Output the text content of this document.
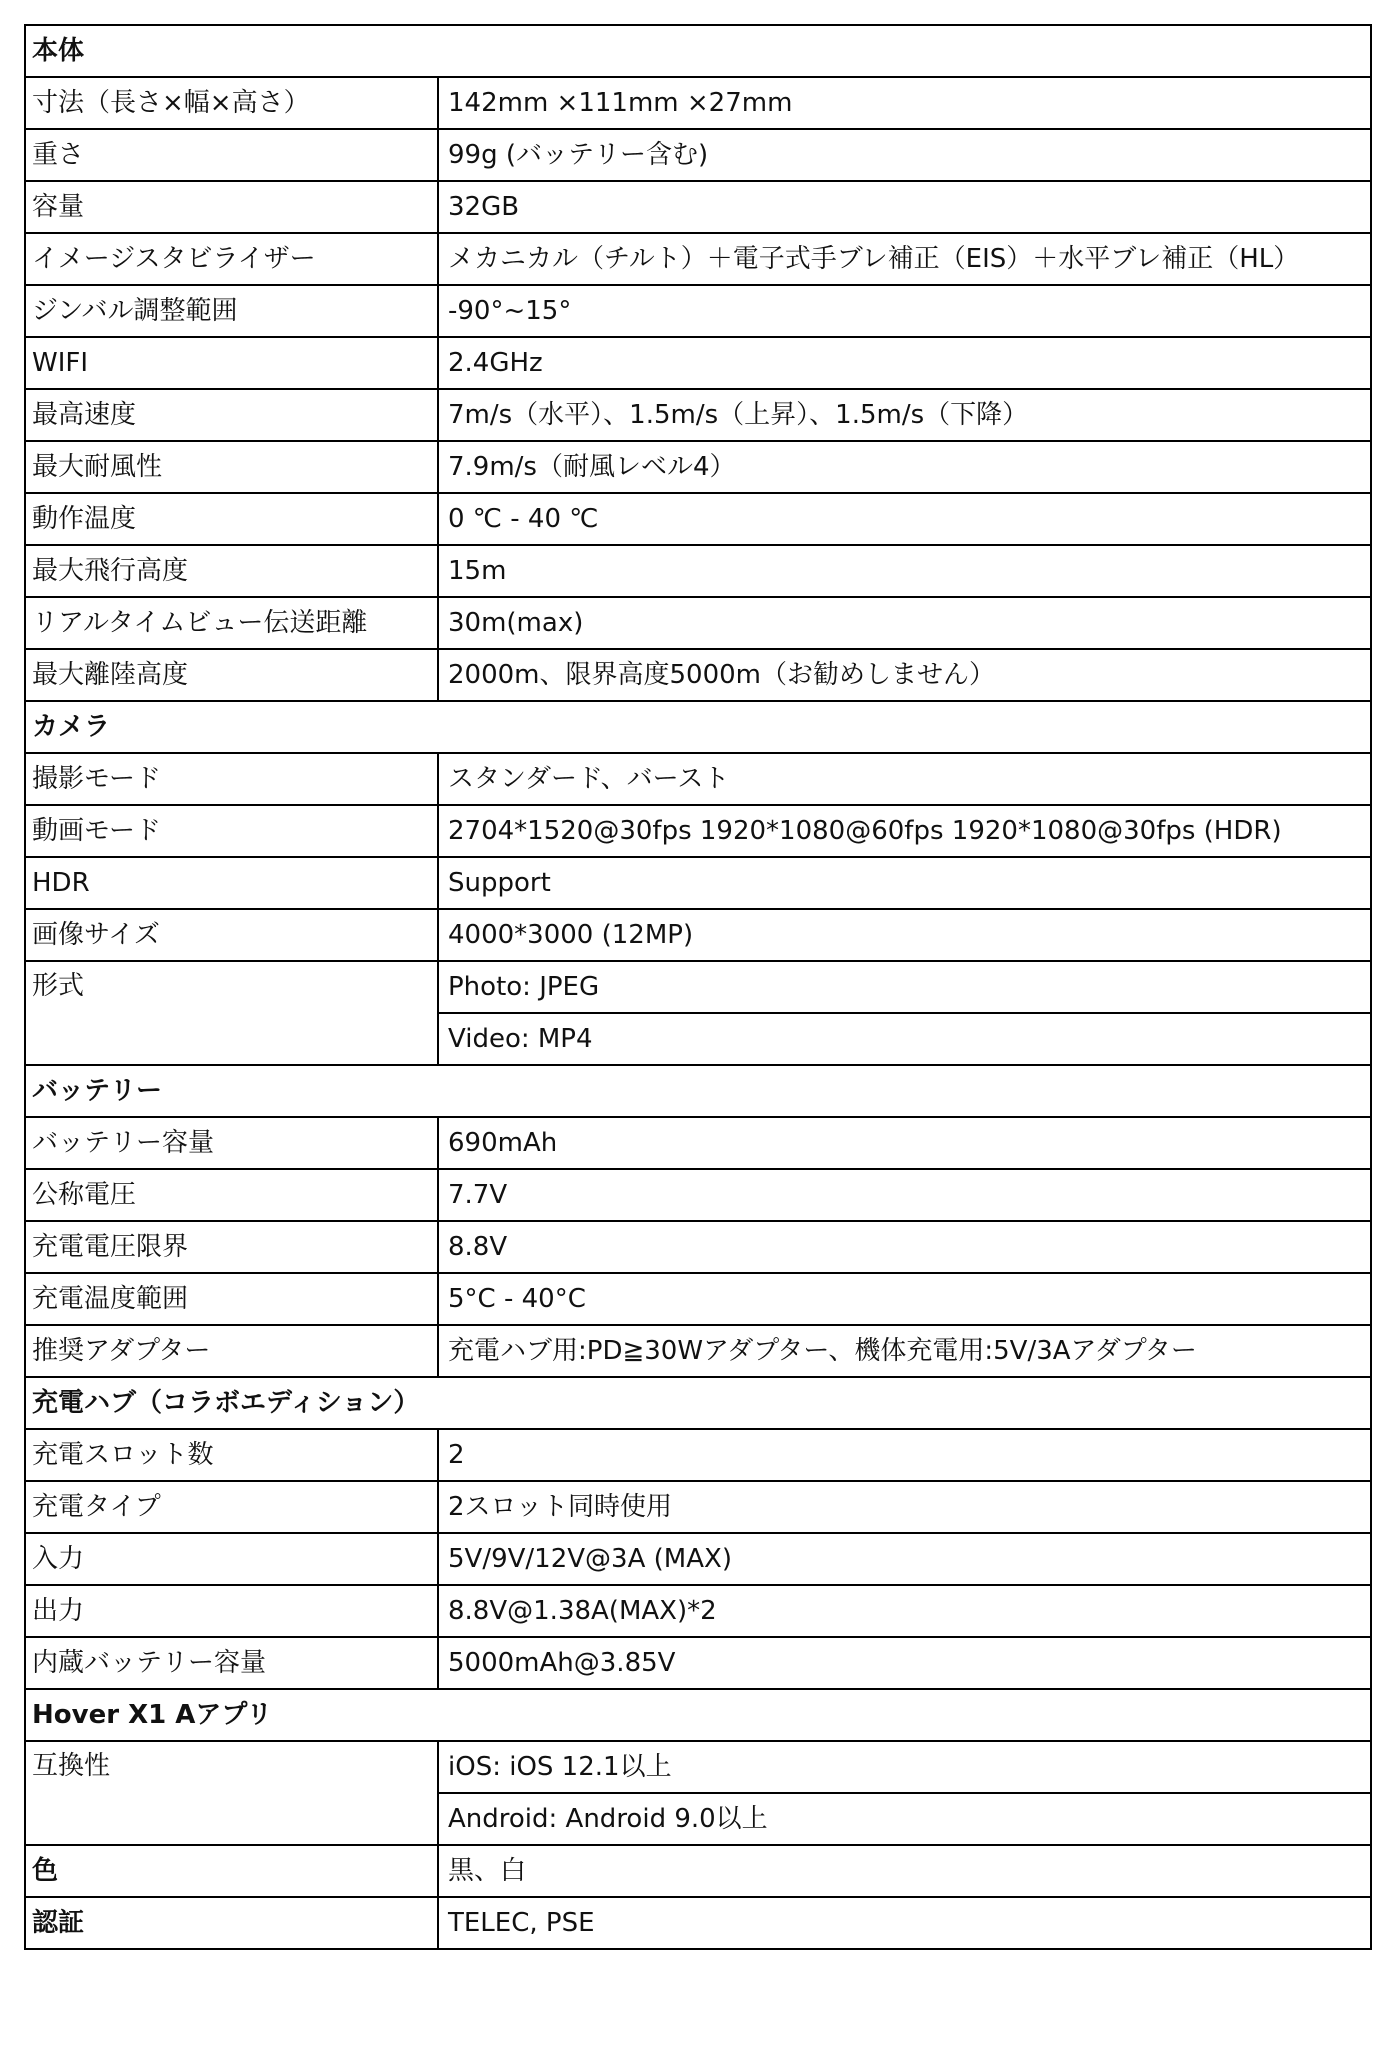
本体	
寸法（長さ×幅×高さ）	142mm ×111mm ×27mm
重さ	99g (バッテリー含む)
容量	32GB
イメージスタビライザー	メカニカル（チルト）＋電子式手ブレ補正（EIS）＋水平ブレ補正（HL）
ジンバル調整範囲	-90°~15°
WIFI	2.4GHz
最高速度	7m/s（水平）、1.5m/s（上昇）、1.5m/s（下降）
最大耐風性	7.9m/s（耐風レベル4）
動作温度	0 ℃ - 40 ℃
最大飛行高度	15m
リアルタイムビュー伝送距離	30m(max)
最大離陸高度	2000m、限界高度5000m（お勧めしません）
カメラ	
撮影モード	スタンダード、バースト
動画モード	2704*1520@30fps 1920*1080@60fps 1920*1080@30fps (HDR)
HDR	Support
画像サイズ	4000*3000 (12MP)
形式	Photo: JPEG
	Video: MP4
バッテリー	
バッテリー容量	690mAh
公称電圧	7.7V
充電電圧限界	8.8V
充電温度範囲	5°C - 40°C
推奨アダプター	充電ハブ用:PD≧30Wアダプター、機体充電用:5V/3Aアダプター
充電ハブ（コラボエディション）	
充電スロット数	2
充電タイプ	2スロット同時使用
入力	5V/9V/12V@3A (MAX)
出力	8.8V@1.38A(MAX)*2
内蔵バッテリー容量	5000mAh@3.85V
Hover X1 Aアプリ	
互換性	iOS: iOS 12.1以上
	Android: Android 9.0以上
色	黒、白
認証	TELEC, PSE
